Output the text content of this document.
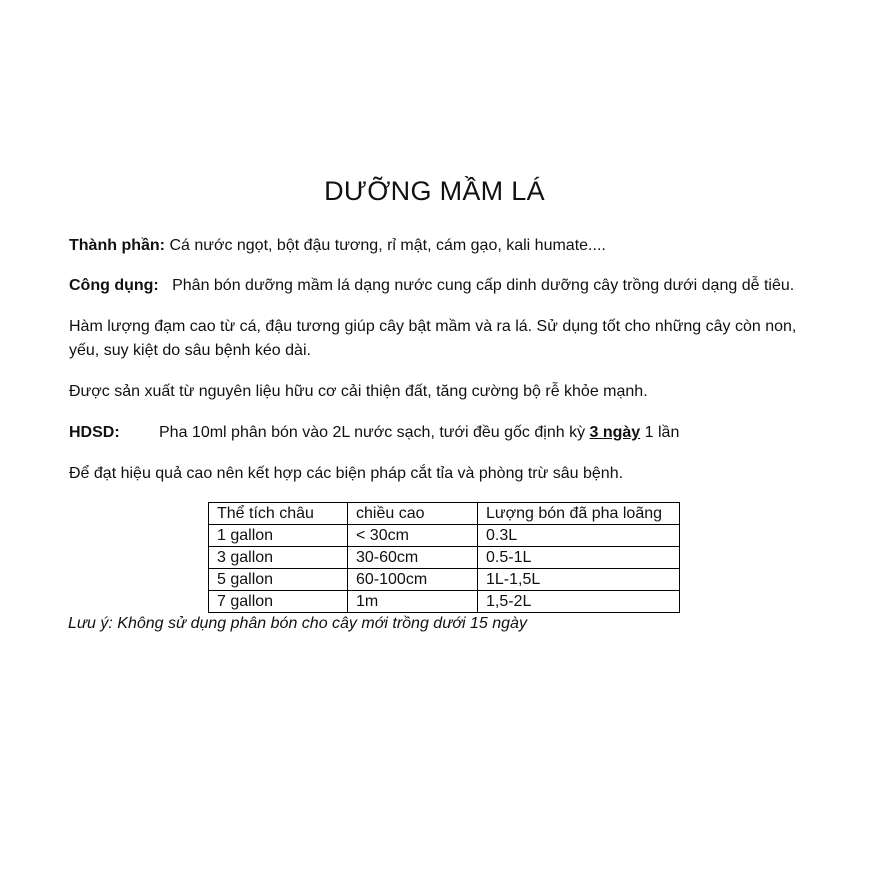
DƯỠNG MẦM LÁ
Thành phần: Cá nước ngọt, bột đậu tương, rỉ mật, cám gạo, kali humate....
Công dụng: Phân bón dưỡng mầm lá dạng nước cung cấp dinh dưỡng cây trồng dưới dạng dễ tiêu.
Hàm lượng đạm cao từ cá, đậu tương giúp cây bật mầm và ra lá. Sử dụng tốt cho những cây còn non, yếu, suy kiệt do sâu bệnh kéo dài.
Được sản xuất từ nguyên liệu hữu cơ cải thiện đất, tăng cường bộ rễ khỏe mạnh.
HDSD: Pha 10ml phân bón vào 2L nước sạch, tưới đều gốc định kỳ 3 ngày 1 lần
Để đạt hiệu quả cao nên kết hợp các biện pháp cắt tỉa và phòng trừ sâu bệnh.
Thể tích châu	chiều cao	Lượng bón đã pha loãng
1 gallon	< 30cm	0.3L
3 gallon	30-60cm	0.5-1L
5 gallon	60-100cm	1L-1,5L
7 gallon	1m	1,5-2L
Lưu ý: Không sử dụng phân bón cho cây mới trồng dưới 15 ngày
